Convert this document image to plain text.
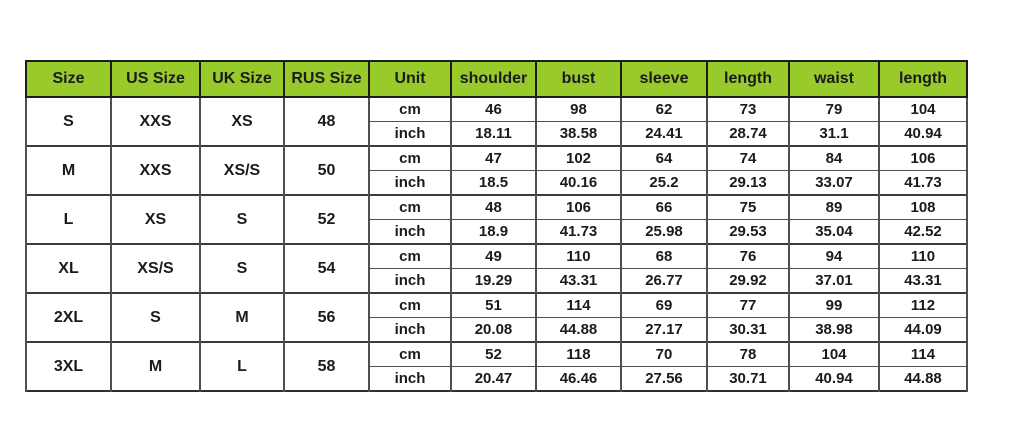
Size	US Size	UK Size	RUS Size	Unit	shoulder	bust	sleeve	length	waist	length
S	XXS	XS	48	cm	46	98	62	73	79	104
				inch	18.11	38.58	24.41	28.74	31.1	40.94
M	XXS	XS/S	50	cm	47	102	64	74	84	106
				inch	18.5	40.16	25.2	29.13	33.07	41.73
L	XS	S	52	cm	48	106	66	75	89	108
				inch	18.9	41.73	25.98	29.53	35.04	42.52
XL	XS/S	S	54	cm	49	110	68	76	94	110
				inch	19.29	43.31	26.77	29.92	37.01	43.31
2XL	S	M	56	cm	51	114	69	77	99	112
				inch	20.08	44.88	27.17	30.31	38.98	44.09
3XL	M	L	58	cm	52	118	70	78	104	114
				inch	20.47	46.46	27.56	30.71	40.94	44.88
